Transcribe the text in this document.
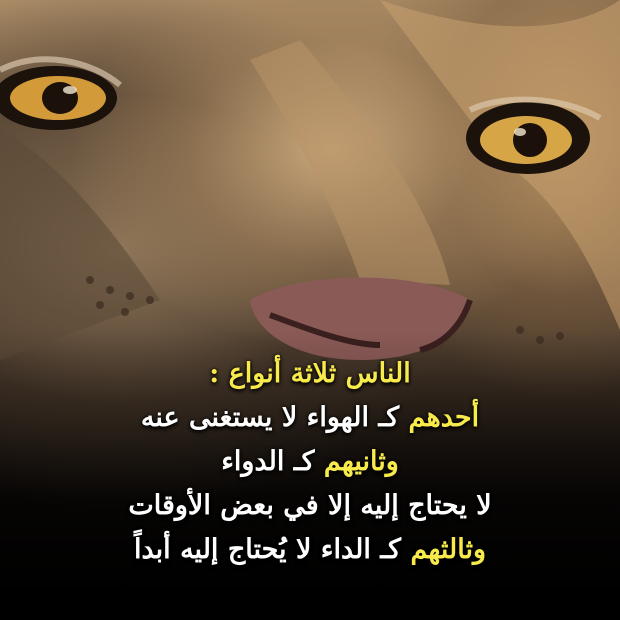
الناس ثلاثة أنواع :
أحدهم كـ الهواء لا يستغنى عنه
وثانيهم كـ الدواء
لا يحتاج إليه إلا في بعض الأوقات
وثالثهم كـ الداء لا يُحتاج إليه أبداً
